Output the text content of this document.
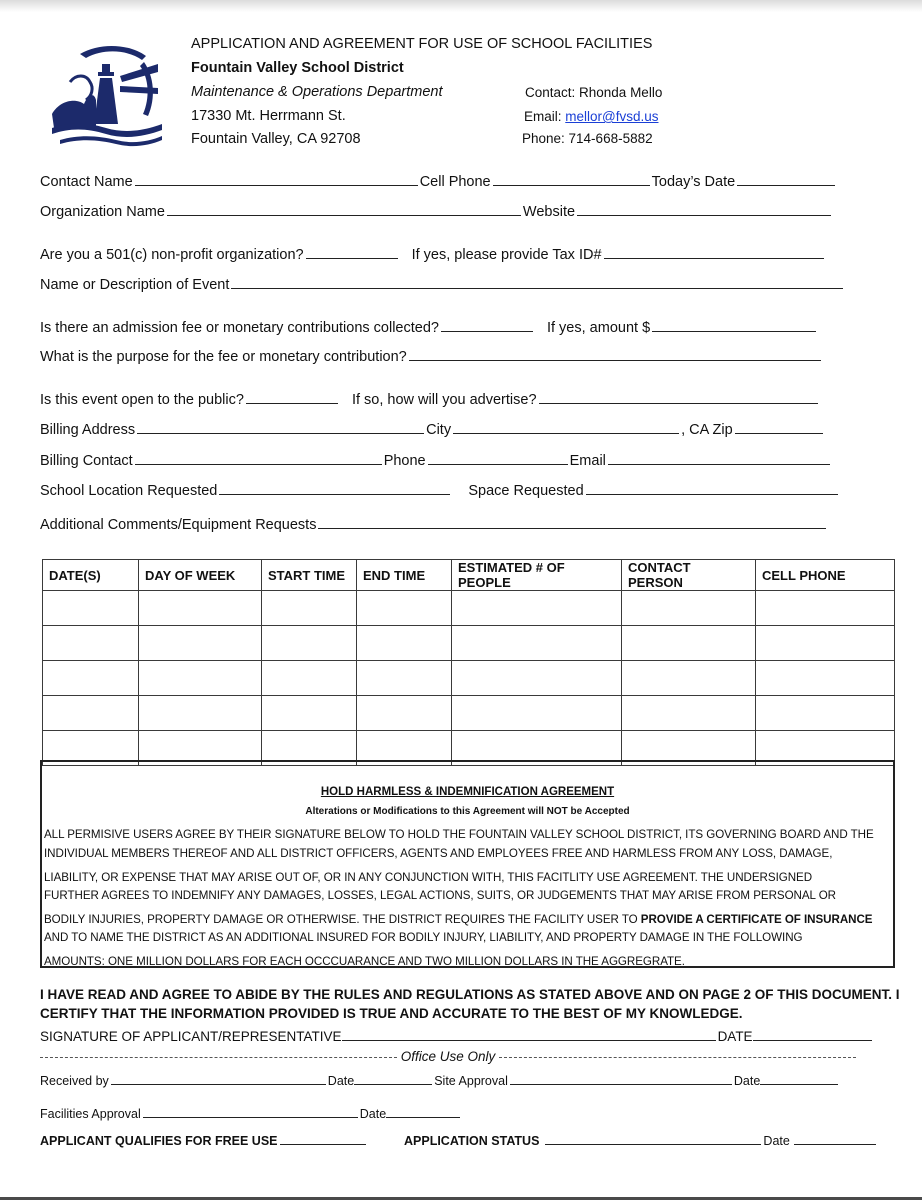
APPLICATION AND AGREEMENT FOR USE OF SCHOOL FACILITIES
Fountain Valley School District
Maintenance & Operations Department
17330 Mt. Herrmann St.
Fountain Valley, CA 92708
Contact: Rhonda Mello
Email: mellor@fvsd.us
Phone: 714-668-5882
Contact Name	Cell Phone	Today’s Date
Organization Name	Website
Are you a 501(c) non-profit organization?	If yes, please provide Tax ID#
Name or Description of Event
Is there an admission fee or monetary contributions collected?	If yes, amount $
What is the purpose for the fee or monetary contribution?
Is this event open to the public?	If so, how will you advertise?
Billing Address	City	, CA Zip
Billing Contact	Phone	Email
School Location Requested	Space Requested
Additional Comments/Equipment Requests
DATE(S)	DAY OF WEEK	START TIME	END TIME	ESTIMATED # OF PEOPLE	CONTACT PERSON	CELL PHONE

HOLD HARMLESS & INDEMNIFICATION AGREEMENT
Alterations or Modifications to this Agreement will NOT be Accepted
ALL PERMISIVE USERS AGREE BY THEIR SIGNATURE BELOW TO HOLD THE FOUNTAIN VALLEY SCHOOL DISTRICT, ITS GOVERNING BOARD AND THE
INDIVIDUAL MEMBERS THEREOF AND ALL DISTRICT OFFICERS, AGENTS AND EMPLOYEES FREE AND HARMLESS FROM ANY LOSS, DAMAGE,
LIABILITY, OR EXPENSE THAT MAY ARISE OUT OF, OR IN ANY CONJUNCTION WITH, THIS FACITLITY USE AGREEMENT. THE UNDERSIGNED
FURTHER AGREES TO INDEMNIFY ANY DAMAGES, LOSSES, LEGAL ACTIONS, SUITS, OR JUDGEMENTS THAT MAY ARISE FROM PERSONAL OR
BODILY INJURIES, PROPERTY DAMAGE OR OTHERWISE. THE DISTRICT REQUIRES THE FACILITY USER TO PROVIDE A CERTIFICATE OF INSURANCE
AND TO NAME THE DISTRICT AS AN ADDITIONAL INSURED FOR BODILY INJURY, LIABILITY, AND PROPERTY DAMAGE IN THE FOLLOWING
AMOUNTS: ONE MILLION DOLLARS FOR EACH OCCCUARANCE AND TWO MILLION DOLLARS IN THE AGGREGRATE.
I HAVE READ AND AGREE TO ABIDE BY THE RULES AND REGULATIONS AS STATED ABOVE AND ON PAGE 2 OF THIS DOCUMENT. I
CERTIFY THAT THE INFORMATION PROVIDED IS TRUE AND ACCURATE TO THE BEST OF MY KNOWLEDGE.
SIGNATURE OF APPLICANT/REPRESENTATIVE	DATE
Office Use Only
Received by	Date	Site Approval	Date
Facilities Approval	Date
APPLICANT QUALIFIES FOR FREE USE	APPLICATION STATUS	Date
